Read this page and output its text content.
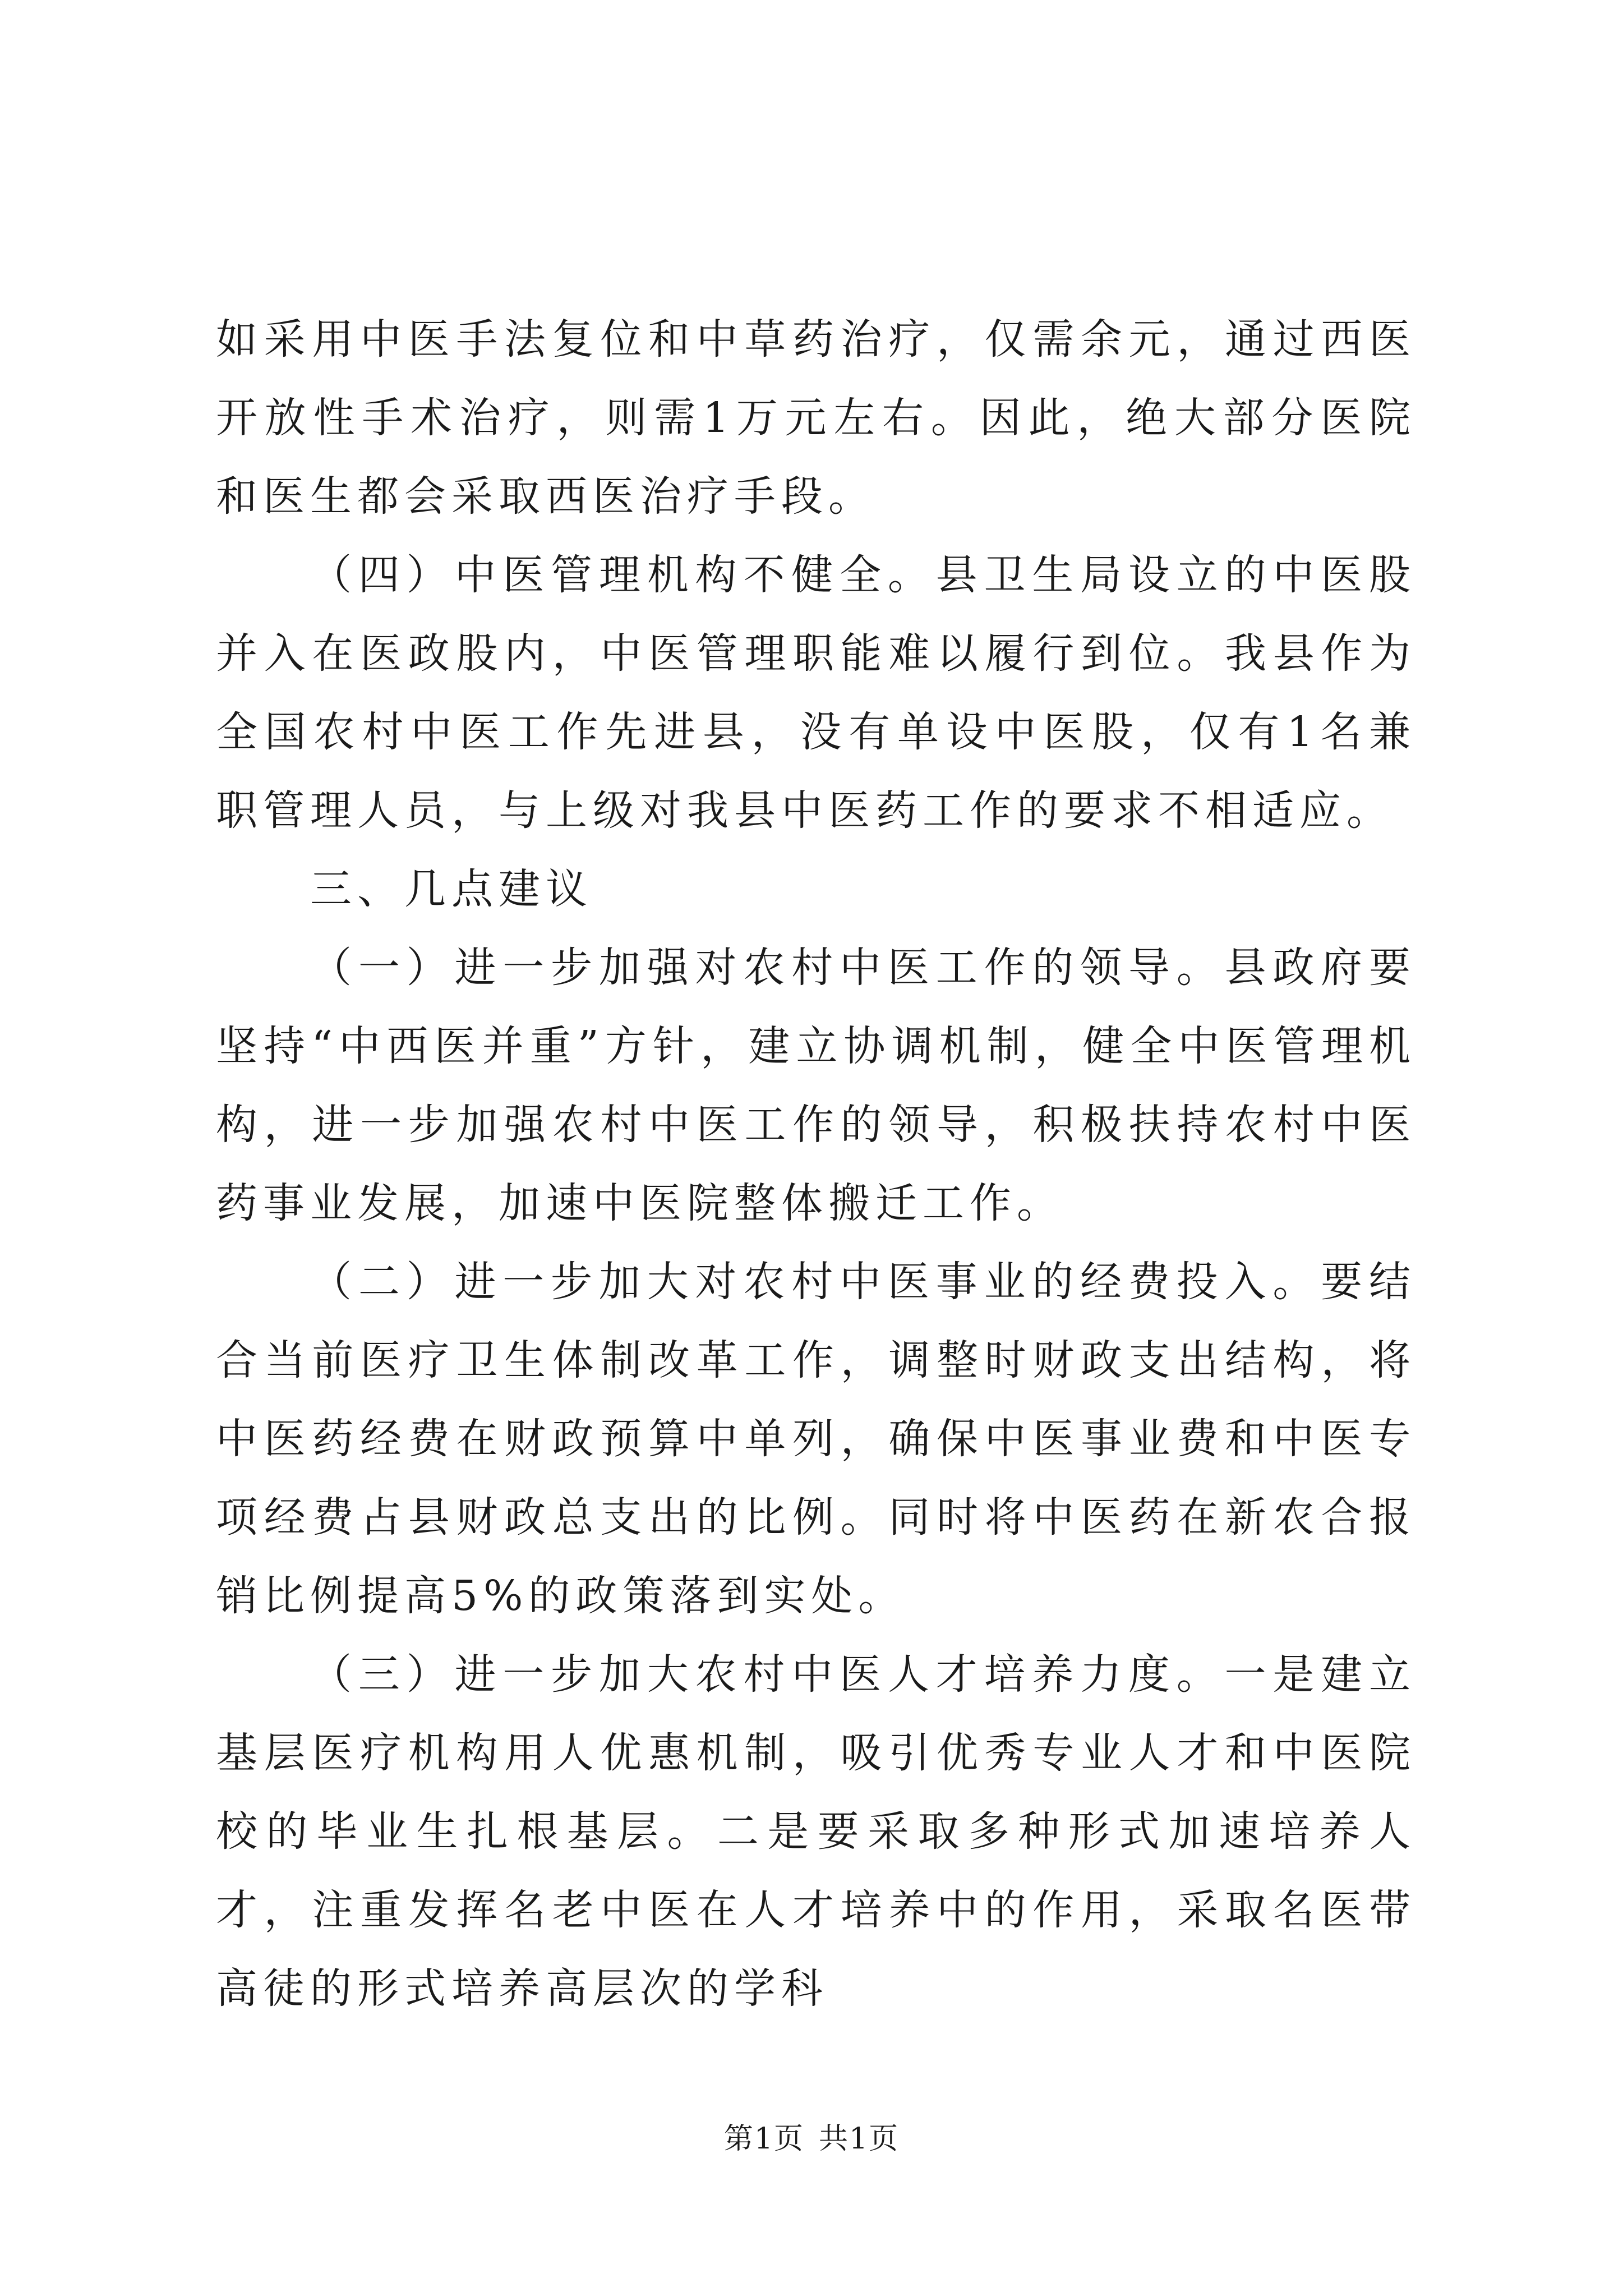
如采用中医手法复位和中草药治疗，仅需余元，通过西医开放性手术治疗，则需1万元左右。因此，绝大部分医院和医生都会采取西医治疗手段。

（四）中医管理机构不健全。县卫生局设立的中医股并入在医政股内，中医管理职能难以履行到位。我县作为全国农村中医工作先进县，没有单设中医股，仅有1名兼职管理人员，与上级对我县中医药工作的要求不相适应。

三、几点建议

（一）进一步加强对农村中医工作的领导。县政府要坚持“中西医并重”方针，建立协调机制，健全中医管理机构，进一步加强农村中医工作的领导，积极扶持农村中医药事业发展，加速中医院整体搬迁工作。

（二）进一步加大对农村中医事业的经费投入。要结合当前医疗卫生体制改革工作，调整时财政支出结构，将中医药经费在财政预算中单列，确保中医事业费和中医专项经费占县财政总支出的比例。同时将中医药在新农合报销比例提高5%的政策落到实处。

（三）进一步加大农村中医人才培养力度。一是建立基层医疗机构用人优惠机制，吸引优秀专业人才和中医院校的毕业生扎根基层。二是要采取多种形式加速培养人才，注重发挥名老中医在人才培养中的作用，采取名医带高徒的形式培养高层次的学科

第1页 共1页
